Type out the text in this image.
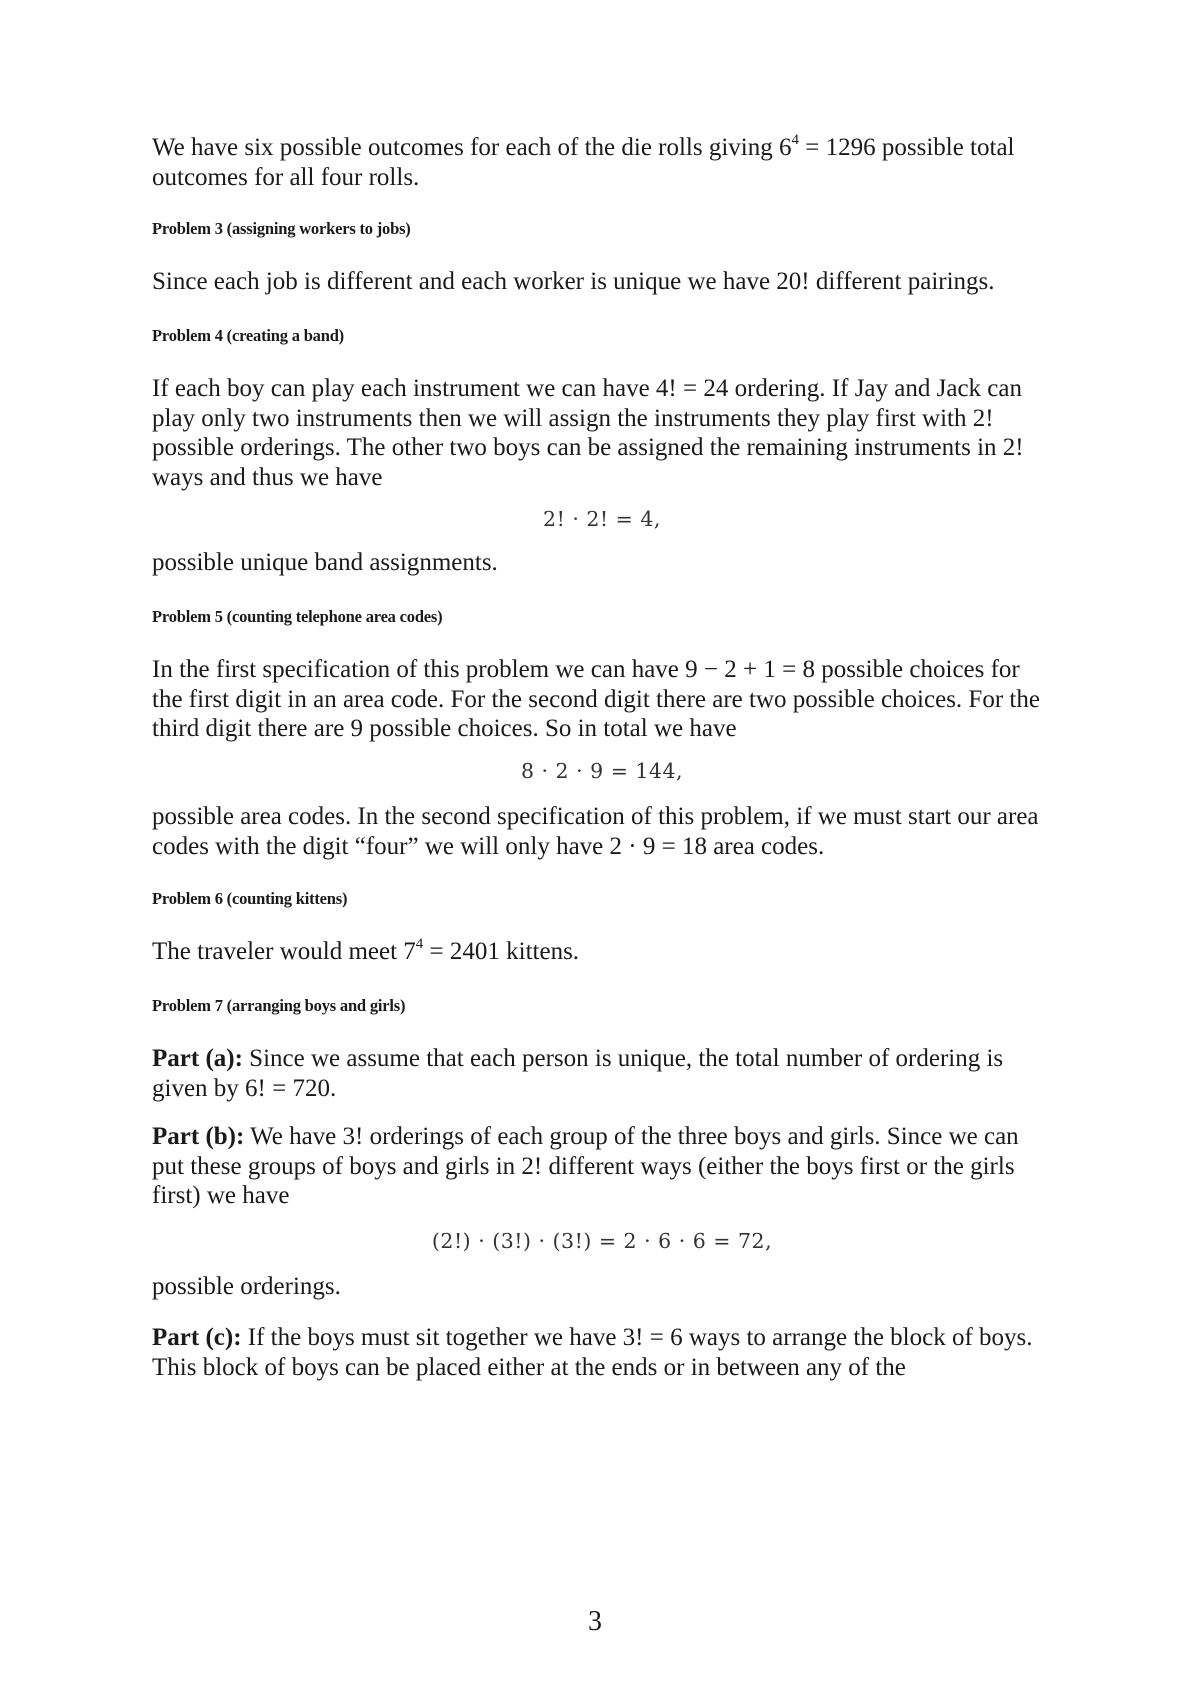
We have six possible outcomes for each of the die rolls giving $6^4 = 1296$ possible total outcomes for all four rolls.

Problem 3 (assigning workers to jobs)

Since each job is different and each worker is unique we have 20! different pairings.

Problem 4 (creating a band)

If each boy can play each instrument we can have 4! = 24 ordering. If Jay and Jack can play only two instruments then we will assign the instruments they play first with 2! possible orderings. The other two boys can be assigned the remaining instruments in 2! ways and thus we have

2! · 2! = 4,

possible unique band assignments.

Problem 5 (counting telephone area codes)

In the first specification of this problem we can have 9 − 2 + 1 = 8 possible choices for the first digit in an area code. For the second digit there are two possible choices. For the third digit there are 9 possible choices. So in total we have

8 · 2 · 9 = 144,

possible area codes. In the second specification of this problem, if we must start our area codes with the digit “four” we will only have 2 · 9 = 18 area codes.

Problem 6 (counting kittens)

The traveler would meet $7^4 = 2401$ kittens.

Problem 7 (arranging boys and girls)

Part (a): Since we assume that each person is unique, the total number of ordering is given by 6! = 720.

Part (b): We have 3! orderings of each group of the three boys and girls. Since we can put these groups of boys and girls in 2! different ways (either the boys first or the girls first) we have

(2!) · (3!) · (3!) = 2 · 6 · 6 = 72,

possible orderings.

Part (c): If the boys must sit together we have 3! = 6 ways to arrange the block of boys. This block of boys can be placed either at the ends or in between any of the

3
